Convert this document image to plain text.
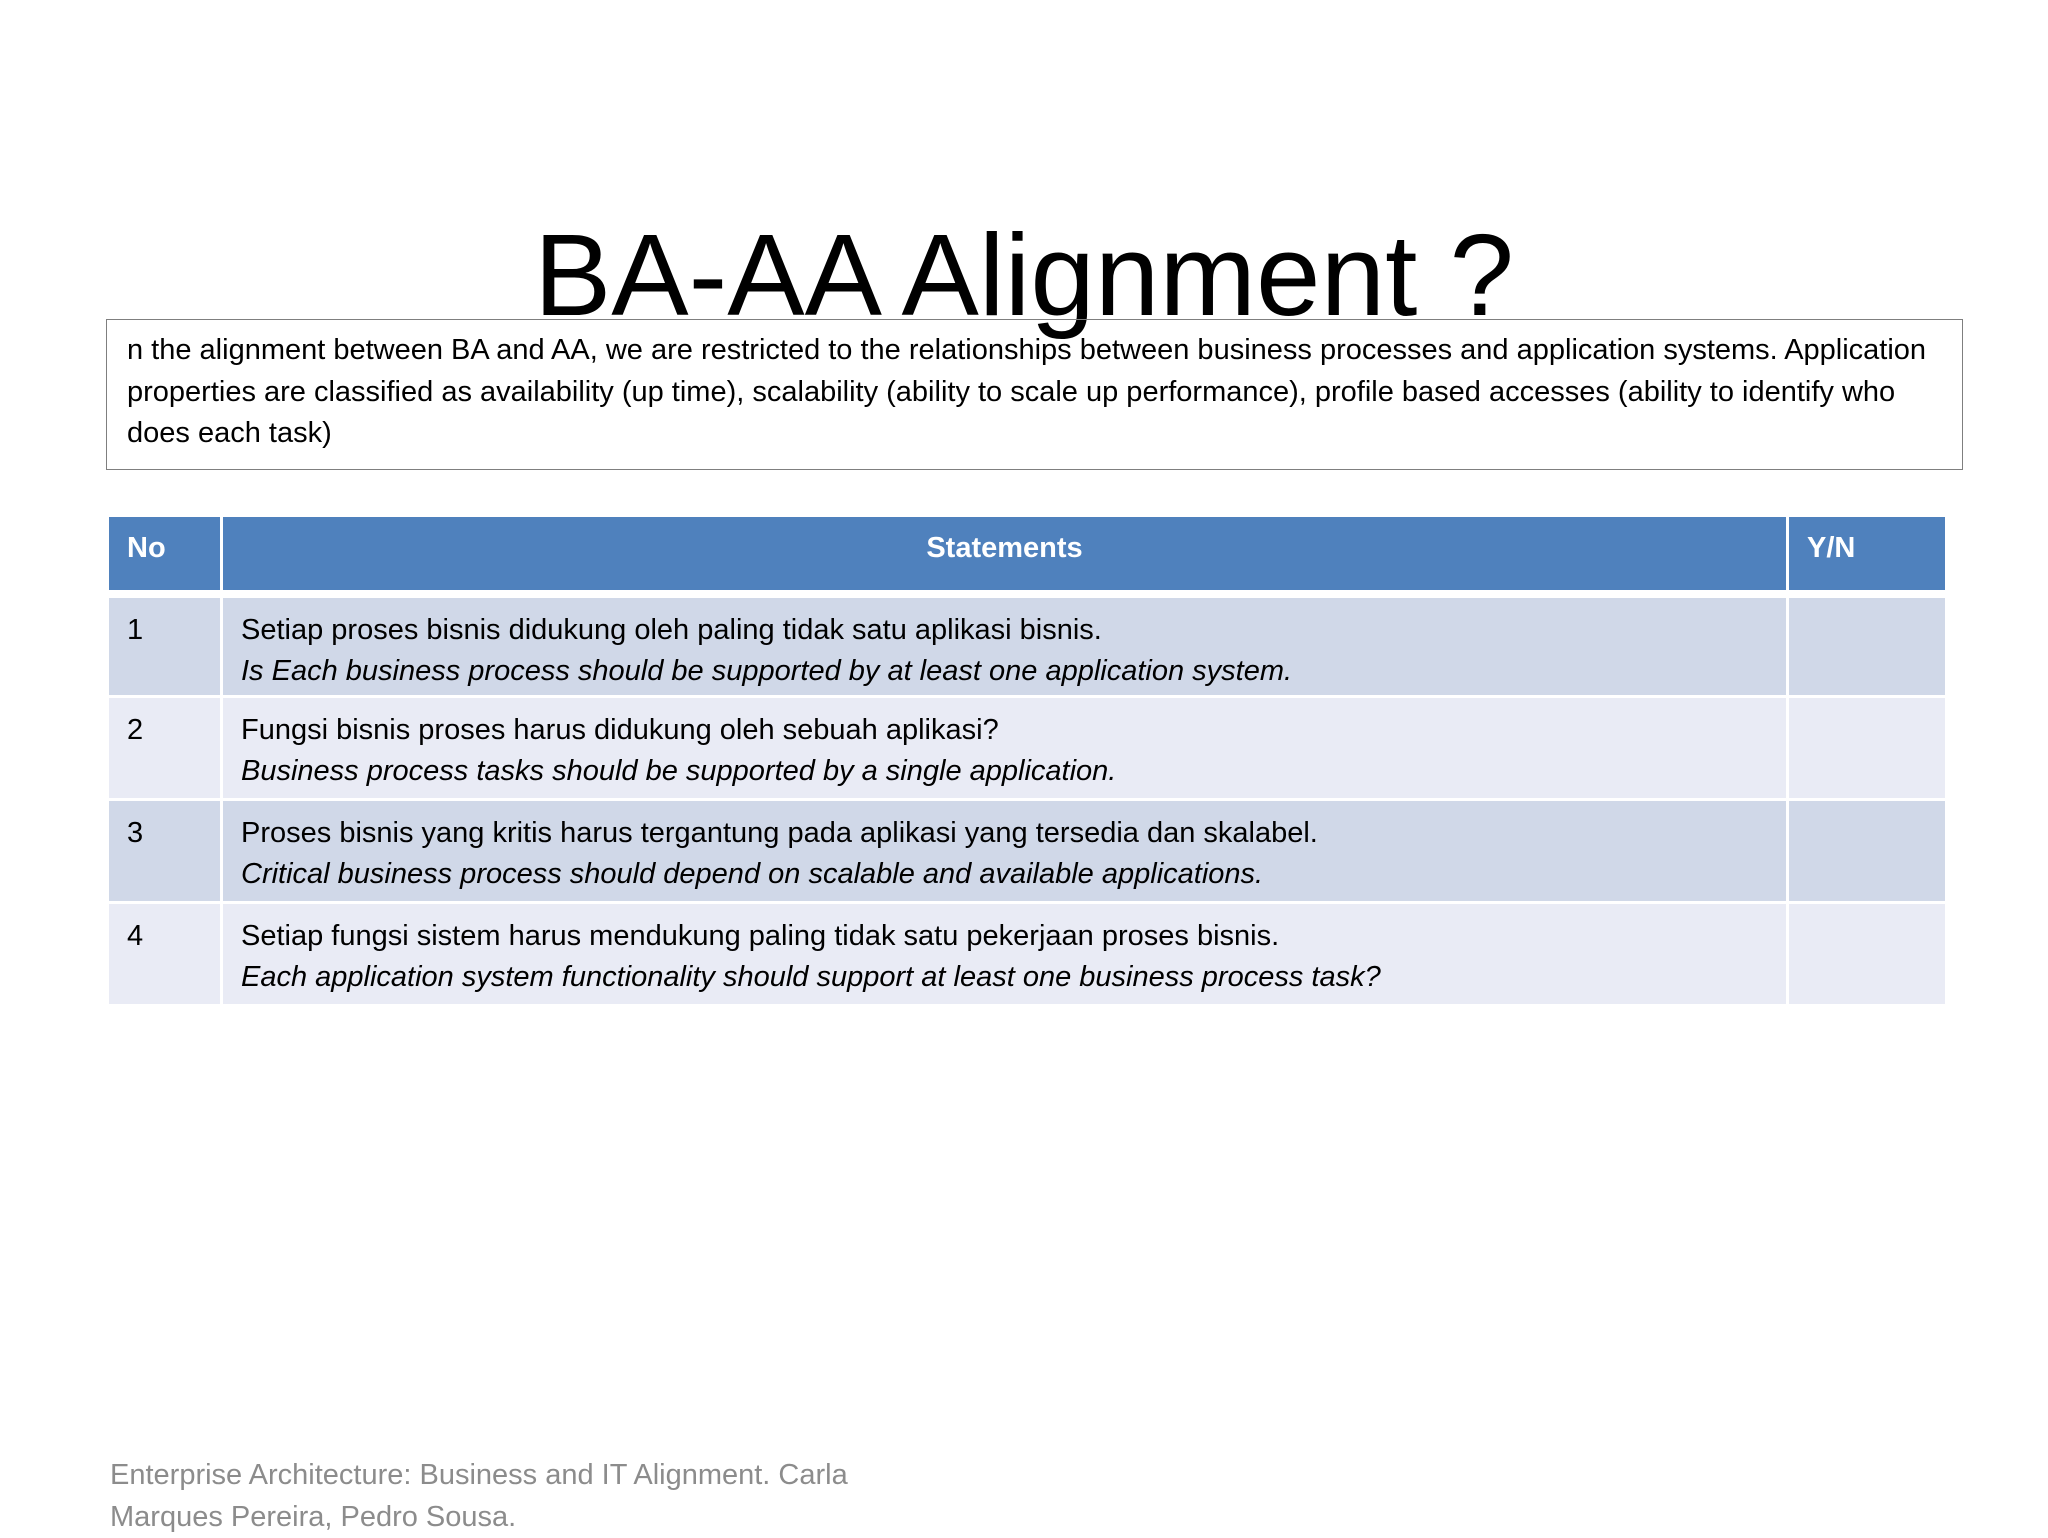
BA-AA Alignment ?

n the alignment between BA and AA, we are restricted to the relationships between business processes and application systems. Application properties are classified as availability (up time), scalability (ability to scale up performance), profile based accesses (ability to identify who does each task)

No	Statements	Y/N
1	Setiap proses bisnis didukung oleh paling tidak satu aplikasi bisnis.
Is Each business process should be supported by at least one application system.	

2	Fungsi bisnis proses harus didukung oleh sebuah aplikasi?
Business process tasks should be supported by a single application.	

3	Proses bisnis yang kritis harus tergantung pada aplikasi yang tersedia dan skalabel.
Critical business process should depend on scalable and available applications.	

4	Setiap fungsi sistem harus mendukung paling tidak satu pekerjaan proses bisnis.
Each application system functionality should support at least one business process task?	

Enterprise Architecture: Business and IT Alignment. Carla
Marques Pereira, Pedro Sousa.
